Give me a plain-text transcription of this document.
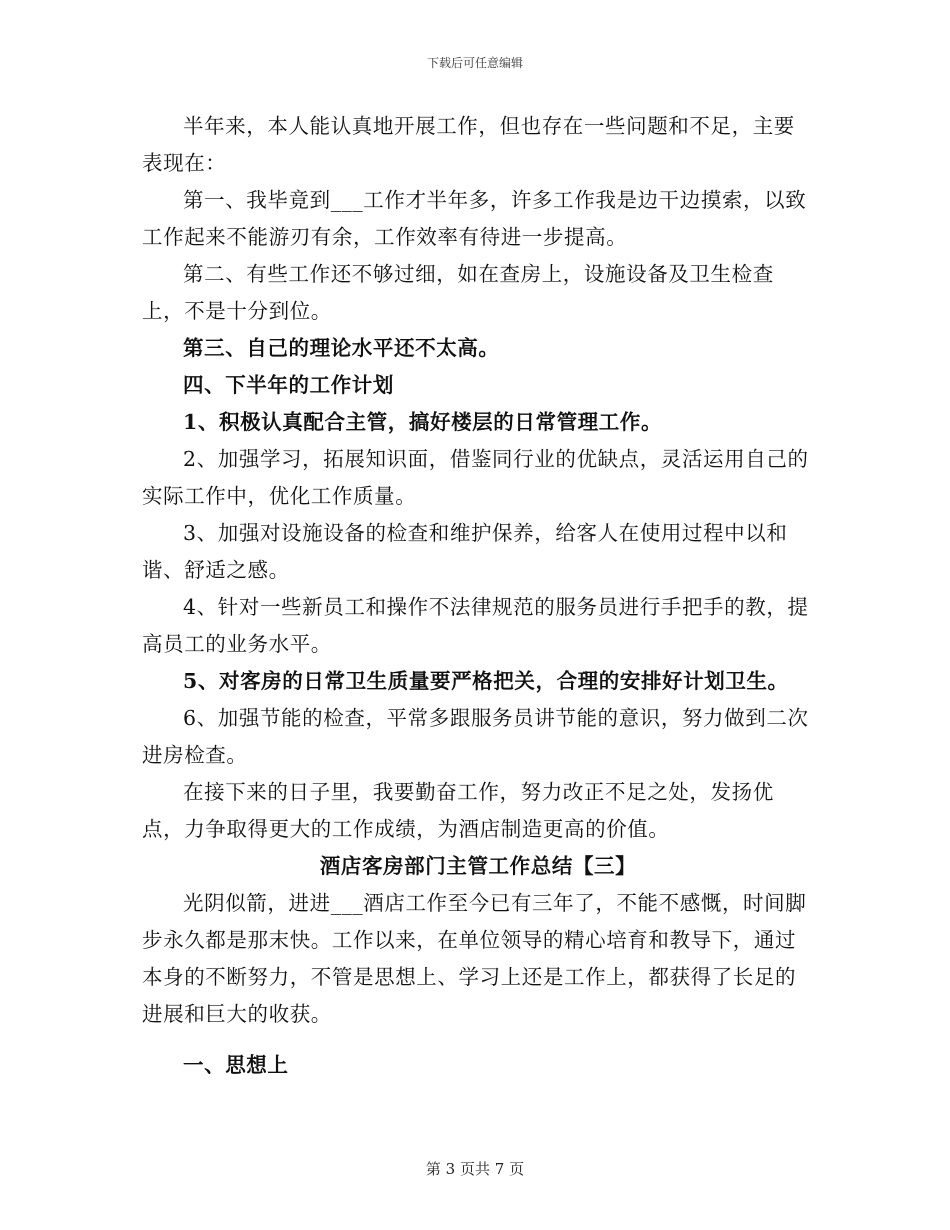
下载后可任意编辑

半年来，本人能认真地开展工作，但也存在一些问题和不足，主要表现在：

第一、我毕竟到___工作才半年多，许多工作我是边干边摸索，以致工作起来不能游刃有余，工作效率有待进一步提高。

第二、有些工作还不够过细，如在查房上，设施设备及卫生检查上，不是十分到位。

第三、自己的理论水平还不太高。

四、下半年的工作计划

1、积极认真配合主管，搞好楼层的日常管理工作。

2、加强学习，拓展知识面，借鉴同行业的优缺点，灵活运用自己的实际工作中，优化工作质量。

3、加强对设施设备的检查和维护保养，给客人在使用过程中以和谐、舒适之感。

4、针对一些新员工和操作不法律规范的服务员进行手把手的教，提高员工的业务水平。

5、对客房的日常卫生质量要严格把关，合理的安排好计划卫生。

6、加强节能的检查，平常多跟服务员讲节能的意识，努力做到二次进房检查。

在接下来的日子里，我要勤奋工作，努力改正不足之处，发扬优点，力争取得更大的工作成绩，为酒店制造更高的价值。

酒店客房部门主管工作总结【三】

光阴似箭，进进___酒店工作至今已有三年了，不能不感慨，时间脚步永久都是那末快。工作以来，在单位领导的精心培育和教导下，通过本身的不断努力，不管是思想上、学习上还是工作上，都获得了长足的进展和巨大的收获。

一、思想上

第 3 页共 7 页
